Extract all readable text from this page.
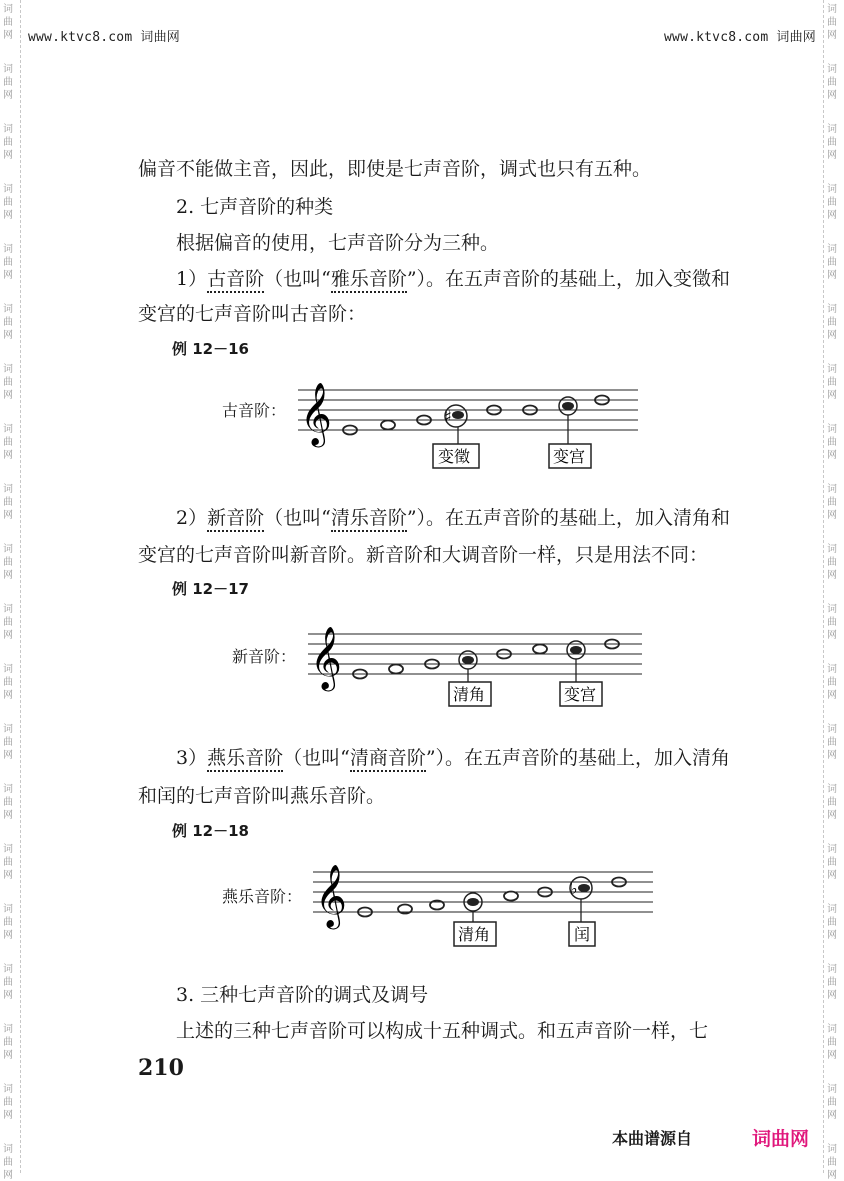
词
曲
网
词
曲
网
词
曲
网
词
曲
网
词
曲
网
词
曲
网
词
曲
网
词
曲
网
词
曲
网
词
曲
网
词
曲
网
词
曲
网
词
曲
网
词
曲
网
词
曲
网
词
曲
网
词
曲
网
词
曲
网
词
曲
网
词
曲
网
词
曲
网
词
曲
网
词
曲
网
词
曲
网
词
曲
网
词
曲
网
词
曲
网
词
曲
网
词
曲
网
词
曲
网
词
曲
网
词
曲
网
词
曲
网
词
曲
网
词
曲
网
词
曲
网
词
曲
网
词
曲
网
词
曲
网
词
曲
网
www.ktvc8.com 词曲网	www.ktvc8.com 词曲网
偏音不能做主音，因此，即使是七声音阶，调式也只有五种。
2. 七声音阶的种类
根据偏音的使用，七声音阶分为三种。
1）古音阶（也叫“雅乐音阶”）。在五声音阶的基础上，加入变徵和
变宫的七声音阶叫古音阶：
例 12－16
古音阶： 𝄞	♯
变徵	变宫
2）新音阶（也叫“清乐音阶”）。在五声音阶的基础上，加入清角和
变宫的七声音阶叫新音阶。新音阶和大调音阶一样，只是用法不同：
例 12－17
新音阶： 𝄞
清角	变宫
3）燕乐音阶（也叫“清商音阶”）。在五声音阶的基础上，加入清角
和闰的七声音阶叫燕乐音阶。
例 12－18
燕乐音阶： 𝄞	♭
清角	闰
3. 三种七声音阶的调式及调号
上述的三种七声音阶可以构成十五种调式。和五声音阶一样，七
210
本曲谱源自	词曲网
